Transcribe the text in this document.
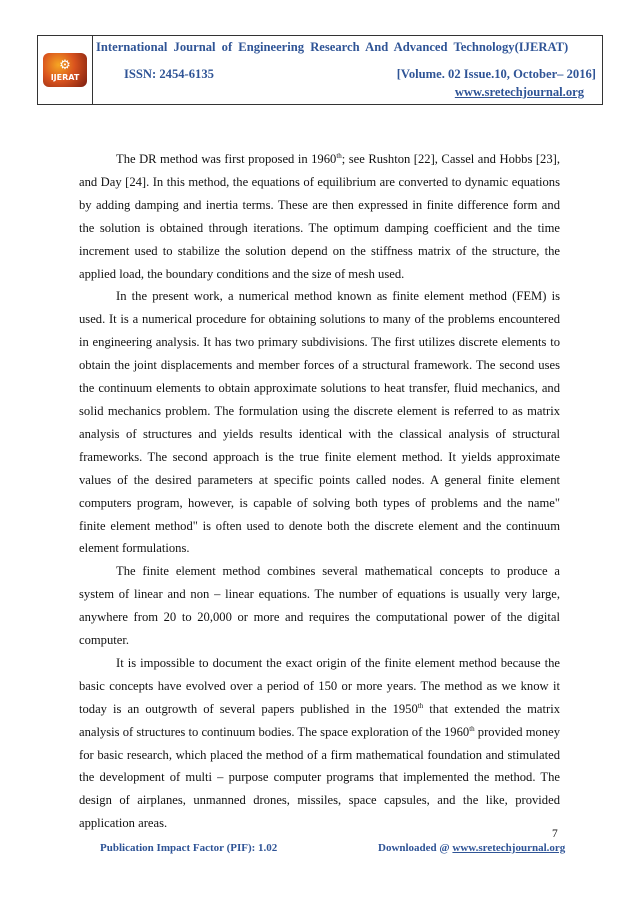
⚙
IJERAT
International Journal of Engineering Research And Advanced Technology(IJERAT)
ISSN: 2454-6135	[Volume. 02 Issue.10, October– 2016]
www.sretechjournal.org

The DR method was first proposed in 1960th; see Rushton [22], Cassel and Hobbs [23], and Day [24]. In this method, the equations of equilibrium are converted to dynamic equations by adding damping and inertia terms. These are then expressed in finite difference form and the solution is obtained through iterations. The optimum damping coefficient and the time increment used to stabilize the solution depend on the stiffness matrix of the structure, the applied load, the boundary conditions and the size of mesh used.

In the present work, a numerical method known as finite element method (FEM) is used. It is a numerical procedure for obtaining solutions to many of the problems encountered in engineering analysis. It has two primary subdivisions. The first utilizes discrete elements to obtain the joint displacements and member forces of a structural framework. The second uses the continuum elements to obtain approximate solutions to heat transfer, fluid mechanics, and solid mechanics problem. The formulation using the discrete element is referred to as matrix analysis of structures and yields results identical with the classical analysis of structural frameworks. The second approach is the true finite element method. It yields approximate values of the desired parameters at specific points called nodes. A general finite element computers program, however, is capable of solving both types of problems and the name" finite element method" is often used to denote both the discrete element and the continuum element formulations.

The finite element method combines several mathematical concepts to produce a system of linear and non – linear equations. The number of equations is usually very large, anywhere from 20 to 20,000 or more and requires the computational power of the digital computer.

It is impossible to document the exact origin of the finite element method because the basic concepts have evolved over a period of 150 or more years. The method as we know it today is an outgrowth of several papers published in the 1950th that extended the matrix analysis of structures to continuum bodies. The space exploration of the 1960th provided money for basic research, which placed the method of a firm mathematical foundation and stimulated the development of multi – purpose computer programs that implemented the method. The design of airplanes, unmanned drones, missiles, space capsules, and the like, provided application areas.

7
Publication Impact Factor (PIF): 1.02	Downloaded @ www.sretechjournal.org
